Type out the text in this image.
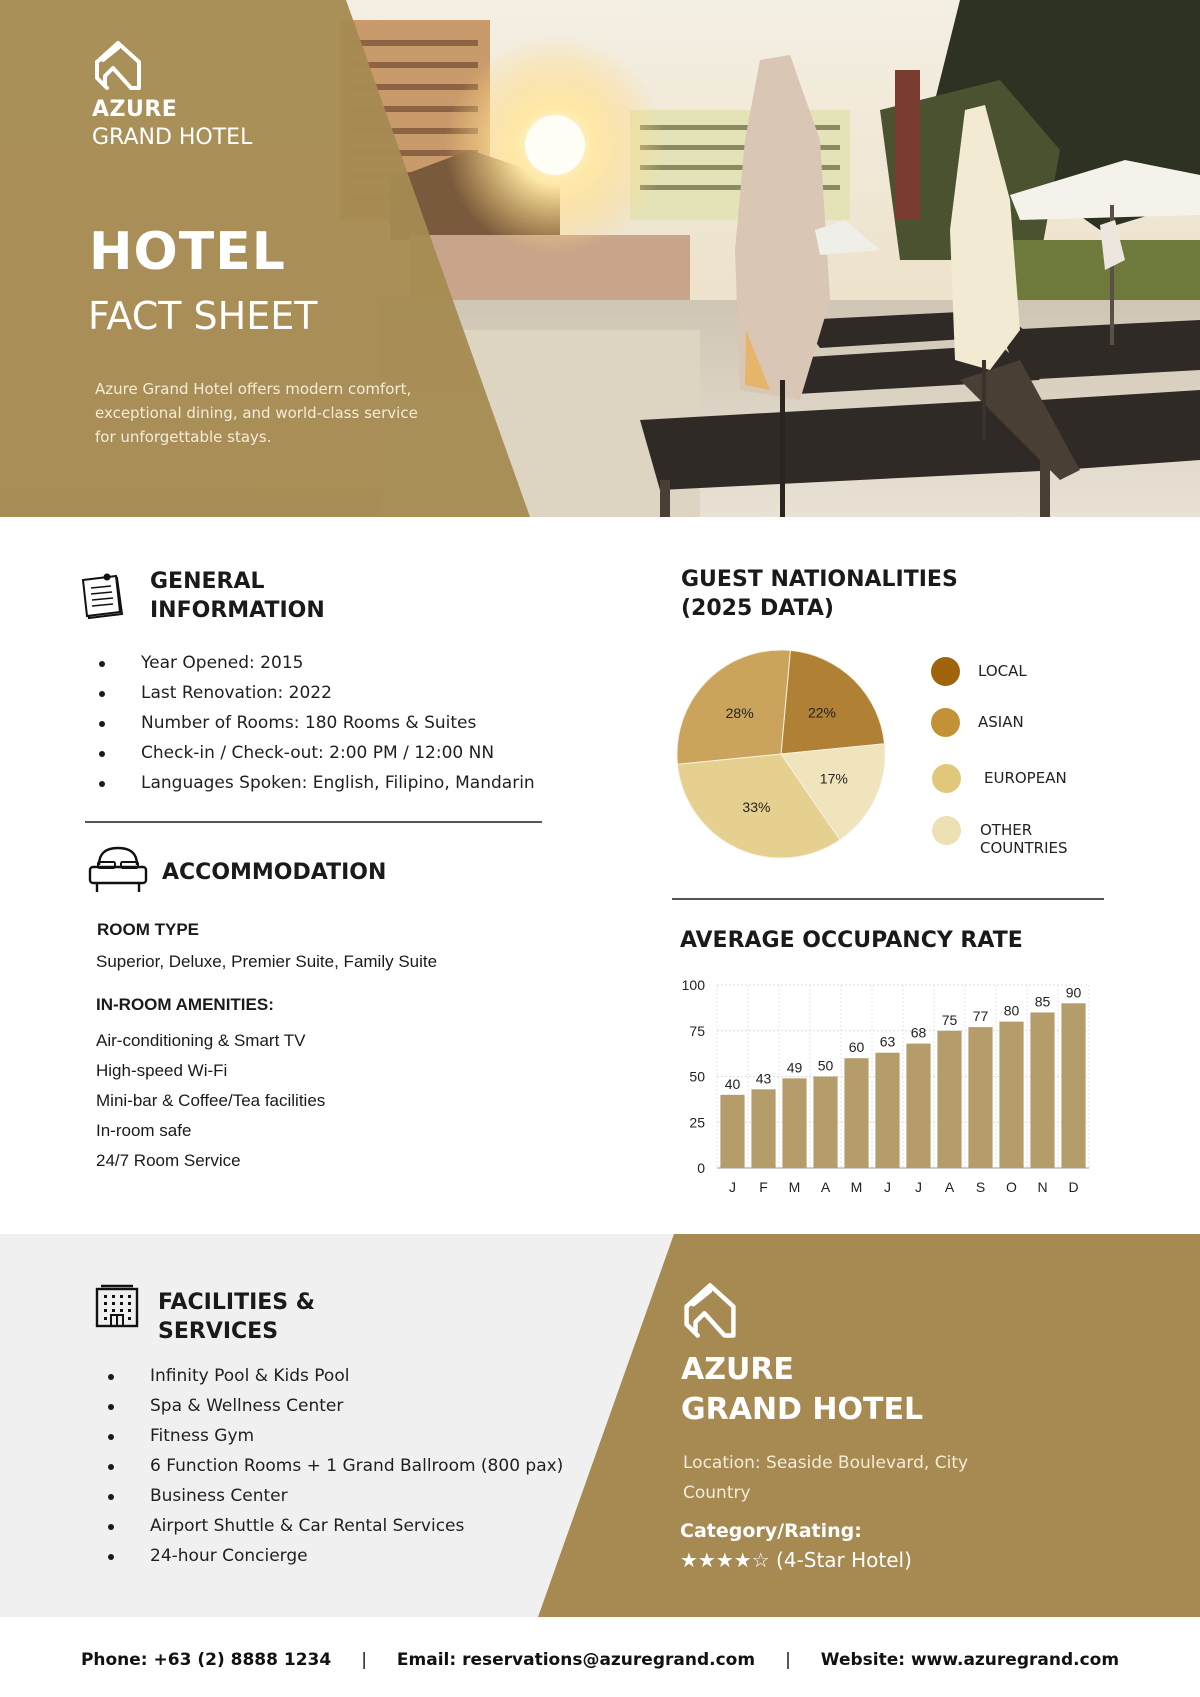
AZURE
GRAND HOTEL
HOTEL
FACT SHEET
Azure Grand Hotel offers modern comfort, exceptional dining, and world-class service for unforgettable stays.
GENERAL
INFORMATION
Year Opened: 2015
Last Renovation: 2022
Number of Rooms: 180 Rooms & Suites
Check-in / Check-out: 2:00 PM / 12:00 NN
Languages Spoken: English, Filipino, Mandarin
ACCOMMODATION
ROOM TYPE
Superior, Deluxe, Premier Suite, Family Suite
IN-ROOM AMENITIES:
Air-conditioning & Smart TV
High-speed Wi-Fi
Mini-bar & Coffee/Tea facilities
In-room safe
24/7 Room Service
GUEST NATIONALITIES
(2025 DATA)
22%
17%
33%
28%
LOCAL
ASIAN
EUROPEAN
OTHER
COUNTRIES
AVERAGE OCCUPANCY RATE
0
25
50
75
100
40
J
43
F
49
M
50
A
60
M
63
J
68
J
75
A
77
S
80
O
85
N
90
D
FACILITIES &
SERVICES
Infinity Pool & Kids Pool
Spa & Wellness Center
Fitness Gym
6 Function Rooms + 1 Grand Ballroom (800 pax)
Business Center
Airport Shuttle & Car Rental Services
24-hour Concierge
AZURE
GRAND HOTEL
Location: Seaside Boulevard, City Country
Category/Rating:
★★★★☆ (4-Star Hotel)
Phone: +63 (2) 8888 1234 | Email: reservations@azuregrand.com | Website: www.azuregrand.com
